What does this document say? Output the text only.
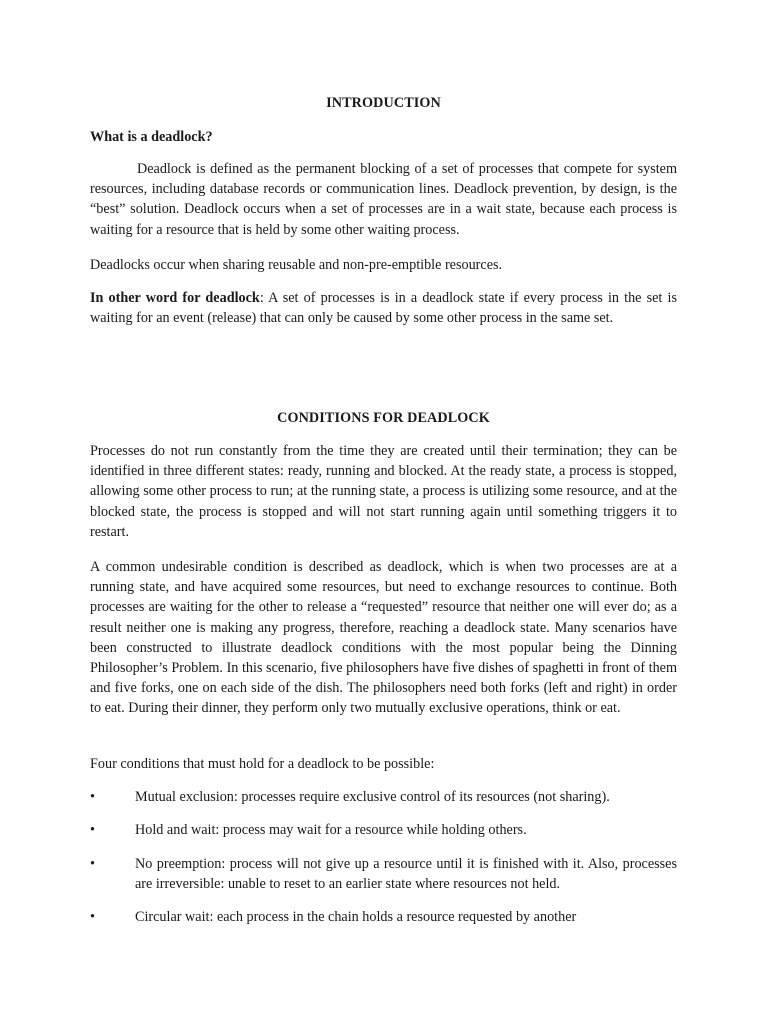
INTRODUCTION
What is a deadlock?

Deadlock is defined as the permanent blocking of a set of processes that compete for system resources, including database records or communication lines. Deadlock prevention, by design, is the “best” solution. Deadlock occurs when a set of processes are in a wait state, because each process is waiting for a resource that is held by some other waiting process.

Deadlocks occur when sharing reusable and non-pre-emptible resources.

In other word for deadlock: A set of processes is in a deadlock state if every process in the set is waiting for an event (release) that can only be caused by some other process in the same set.

CONDITIONS FOR DEADLOCK

Processes do not run constantly from the time they are created until their termination; they can be identified in three different states: ready, running and blocked. At the ready state, a process is stopped, allowing some other process to run; at the running state, a process is utilizing some resource, and at the blocked state, the process is stopped and will not start running again until something triggers it to restart.

A common undesirable condition is described as deadlock, which is when two processes are at a running state, and have acquired some resources, but need to exchange resources to continue. Both processes are waiting for the other to release a “requested” resource that neither one will ever do; as a result neither one is making any progress, therefore, reaching a deadlock state. Many scenarios have been constructed to illustrate deadlock conditions with the most popular being the Dinning Philosopher’s Problem. In this scenario, five philosophers have five dishes of spaghetti in front of them and five forks, one on each side of the dish. The philosophers need both forks (left and right) in order to eat. During their dinner, they perform only two mutually exclusive operations, think or eat.

Four conditions that must hold for a deadlock to be possible:

•	Mutual exclusion: processes require exclusive control of its resources (not sharing).
•	Hold and wait: process may wait for a resource while holding others.
•	No preemption: process will not give up a resource until it is finished with it. Also, processes are irreversible: unable to reset to an earlier state where resources not held.
•	Circular wait: each process in the chain holds a resource requested by another
